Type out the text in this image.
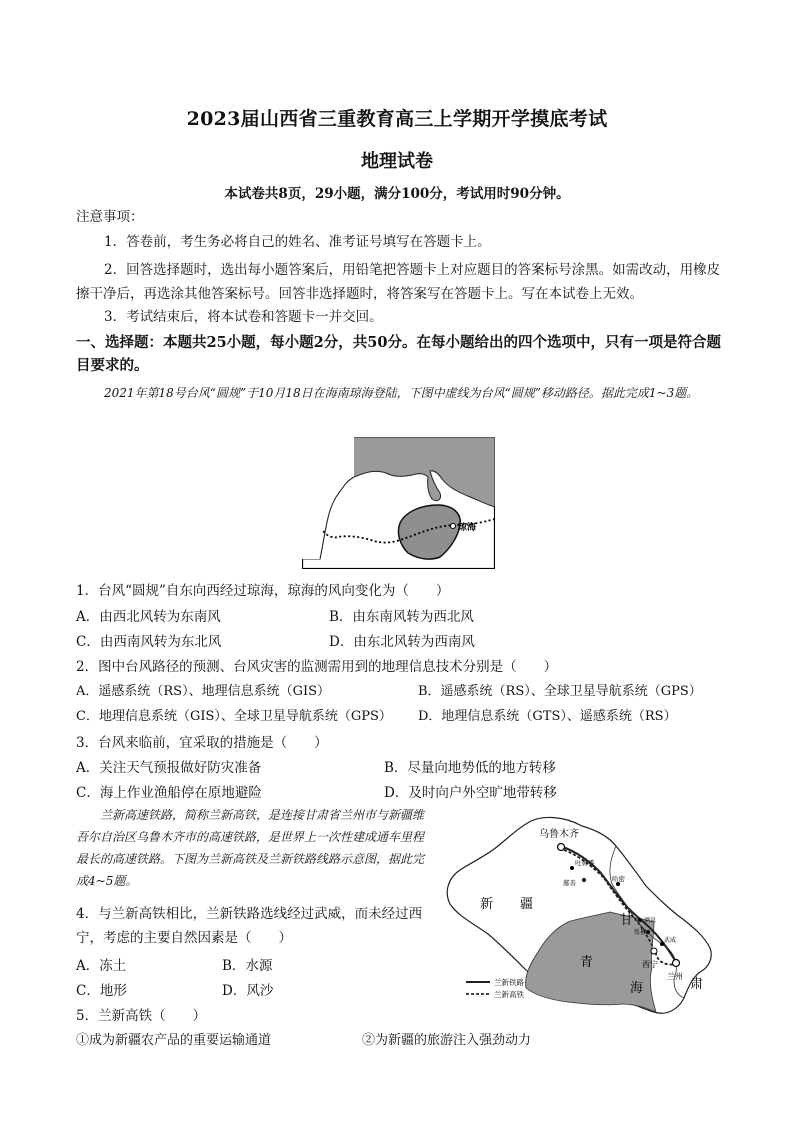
2023届山西省三重教育高三上学期开学摸底考试
地理试卷
本试卷共8页，29小题，满分100分，考试用时90分钟。
注意事项：
1．答卷前，考生务必将自己的姓名、准考证号填写在答题卡上。
2．回答选择题时，选出每小题答案后，用铅笔把答题卡上对应题目的答案标号涂黑。如需改动，用橡皮擦干净后，再选涂其他答案标号。回答非选择题时，将答案写在答题卡上。写在本试卷上无效。
3．考试结束后，将本试卷和答题卡一并交回。
一、选择题：本题共25小题，每小题2分，共50分。在每小题给出的四个选项中，只有一项是符合题目要求的。
2021年第18号台风“圆规”于10月18日在海南琼海登陆，下图中虚线为台风“圆规”移动路径。据此完成1~3题。
琼海
1．台风“圆规”自东向西经过琼海，琼海的风向变化为（　　）
A．由西北风转为东南风	B．由东南风转为西北风
C．由西南风转为东北风	D．由东北风转为西南风
2．图中台风路径的预测、台风灾害的监测需用到的地理信息技术分别是（　　）
A．遥感系统（RS）、地理信息系统（GIS）	B．遥感系统（RS）、全球卫星导航系统（GPS）
C．地理信息系统（GIS）、全球卫星导航系统（GPS） D．地理信息系统（GTS）、遥感系统（RS）
3．台风来临前，宜采取的措施是（　　）
A．关注天气预报做好防灾准备	B．尽量向地势低的地方转移
C．海上作业渔船停在原地避险	D．及时向户外空旷地带转移
兰新高速铁路，简称兰新高铁，是连接甘肃省兰州市与新疆维吾尔自治区乌鲁木齐市的高速铁路，是世界上一次性建成通车里程最长的高速铁路。下图为兰新高铁及兰新铁路线路示意图，据此完成4~5题。
4．与兰新高铁相比，兰新铁路选线经过武威，而未经过西宁，考虑的主要自然因素是（　　）
A．冻土	B．水源
C．地形	D．风沙
5．兰新高铁（　　）
①成为新疆农产品的重要运输通道	②为新疆的旅游注入强劲动力
乌鲁木齐
吐鲁番
鄯善	哈密
酒泉
张掖
武威
西宁
兰州
新 疆
甘
肃
青
海
兰新铁路
兰新高铁
